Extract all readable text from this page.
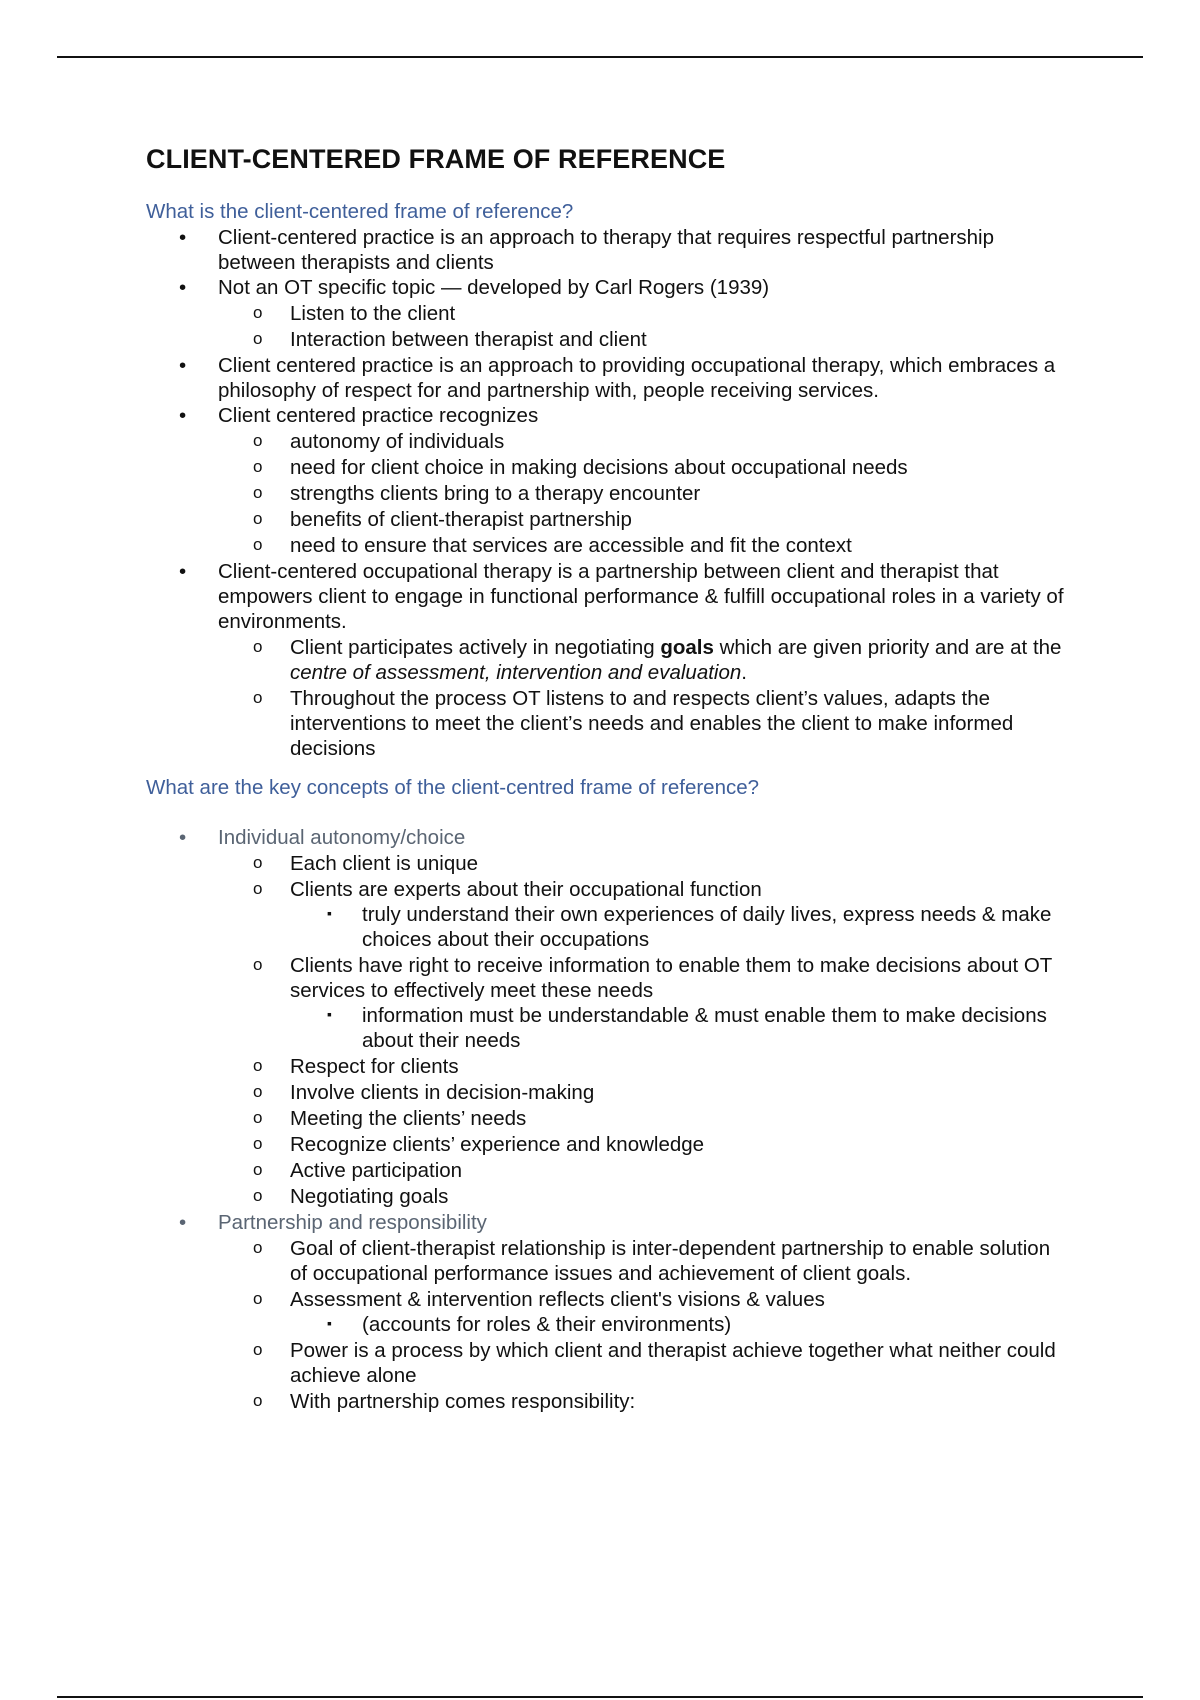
CLIENT-CENTERED FRAME OF REFERENCE
What is the client-centered frame of reference?
• Client-centered practice is an approach to therapy that requires respectful partnership between therapists and clients
• Not an OT specific topic — developed by Carl Rogers (1939)
o Listen to the client
o Interaction between therapist and client
• Client centered practice is an approach to providing occupational therapy, which embraces a philosophy of respect for and partnership with, people receiving services.
• Client centered practice recognizes
o autonomy of individuals
o need for client choice in making decisions about occupational needs
o strengths clients bring to a therapy encounter
o benefits of client-therapist partnership
o need to ensure that services are accessible and fit the context
• Client-centered occupational therapy is a partnership between client and therapist that empowers client to engage in functional performance & fulfill occupational roles in a variety of environments.
o Client participates actively in negotiating goals which are given priority and are at the centre of assessment, intervention and evaluation.
o Throughout the process OT listens to and respects client’s values, adapts the interventions to meet the client’s needs and enables the client to make informed decisions
What are the key concepts of the client-centred frame of reference?
• Individual autonomy/choice
o Each client is unique
o Clients are experts about their occupational function
▪ truly understand their own experiences of daily lives, express needs & make choices about their occupations
o Clients have right to receive information to enable them to make decisions about OT services to effectively meet these needs
▪ information must be understandable & must enable them to make decisions about their needs
o Respect for clients
o Involve clients in decision-making
o Meeting the clients’ needs
o Recognize clients’ experience and knowledge
o Active participation
o Negotiating goals
• Partnership and responsibility
o Goal of client-therapist relationship is inter-dependent partnership to enable solution of occupational performance issues and achievement of client goals.
o Assessment & intervention reflects client's visions & values
▪ (accounts for roles & their environments)
o Power is a process by which client and therapist achieve together what neither could achieve alone
o With partnership comes responsibility:
